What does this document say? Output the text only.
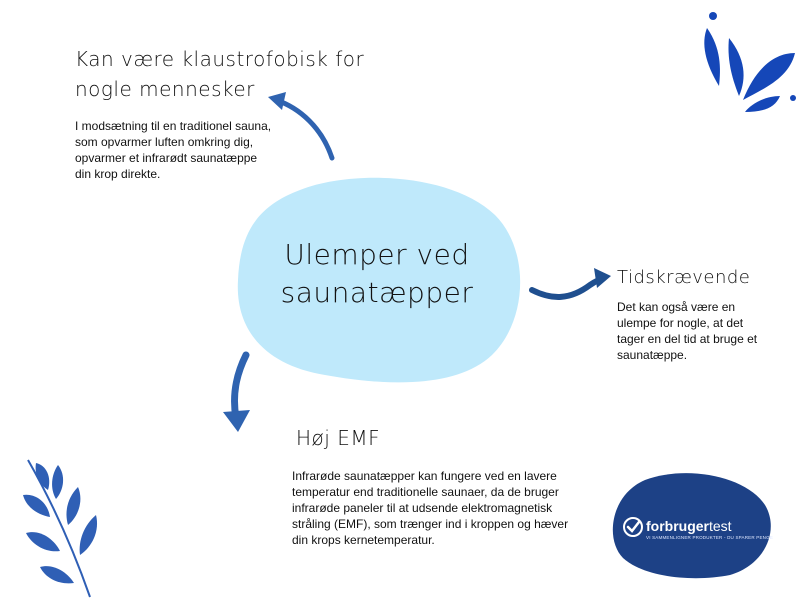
Ulemper ved saunatæpper
Kan være klaustrofobisk for nogle mennesker
I modsætning til en traditionel sauna, som opvarmer luften omkring dig, opvarmer et infrarødt saunatæppe din krop direkte.
Tidskrævende
Det kan også være en ulempe for nogle, at det tager en del tid at bruge et saunatæppe.
Høj EMF
Infrarøde saunatæpper kan fungere ved en lavere temperatur end traditionelle saunaer, da de bruger infrarøde paneler til at udsende elektromagnetisk stråling (EMF), som trænger ind i kroppen og hæver din krops kernetemperatur.
forbrugertest
VI SAMMENLIGNER PRODUKTER - DU SPARER PENGE
